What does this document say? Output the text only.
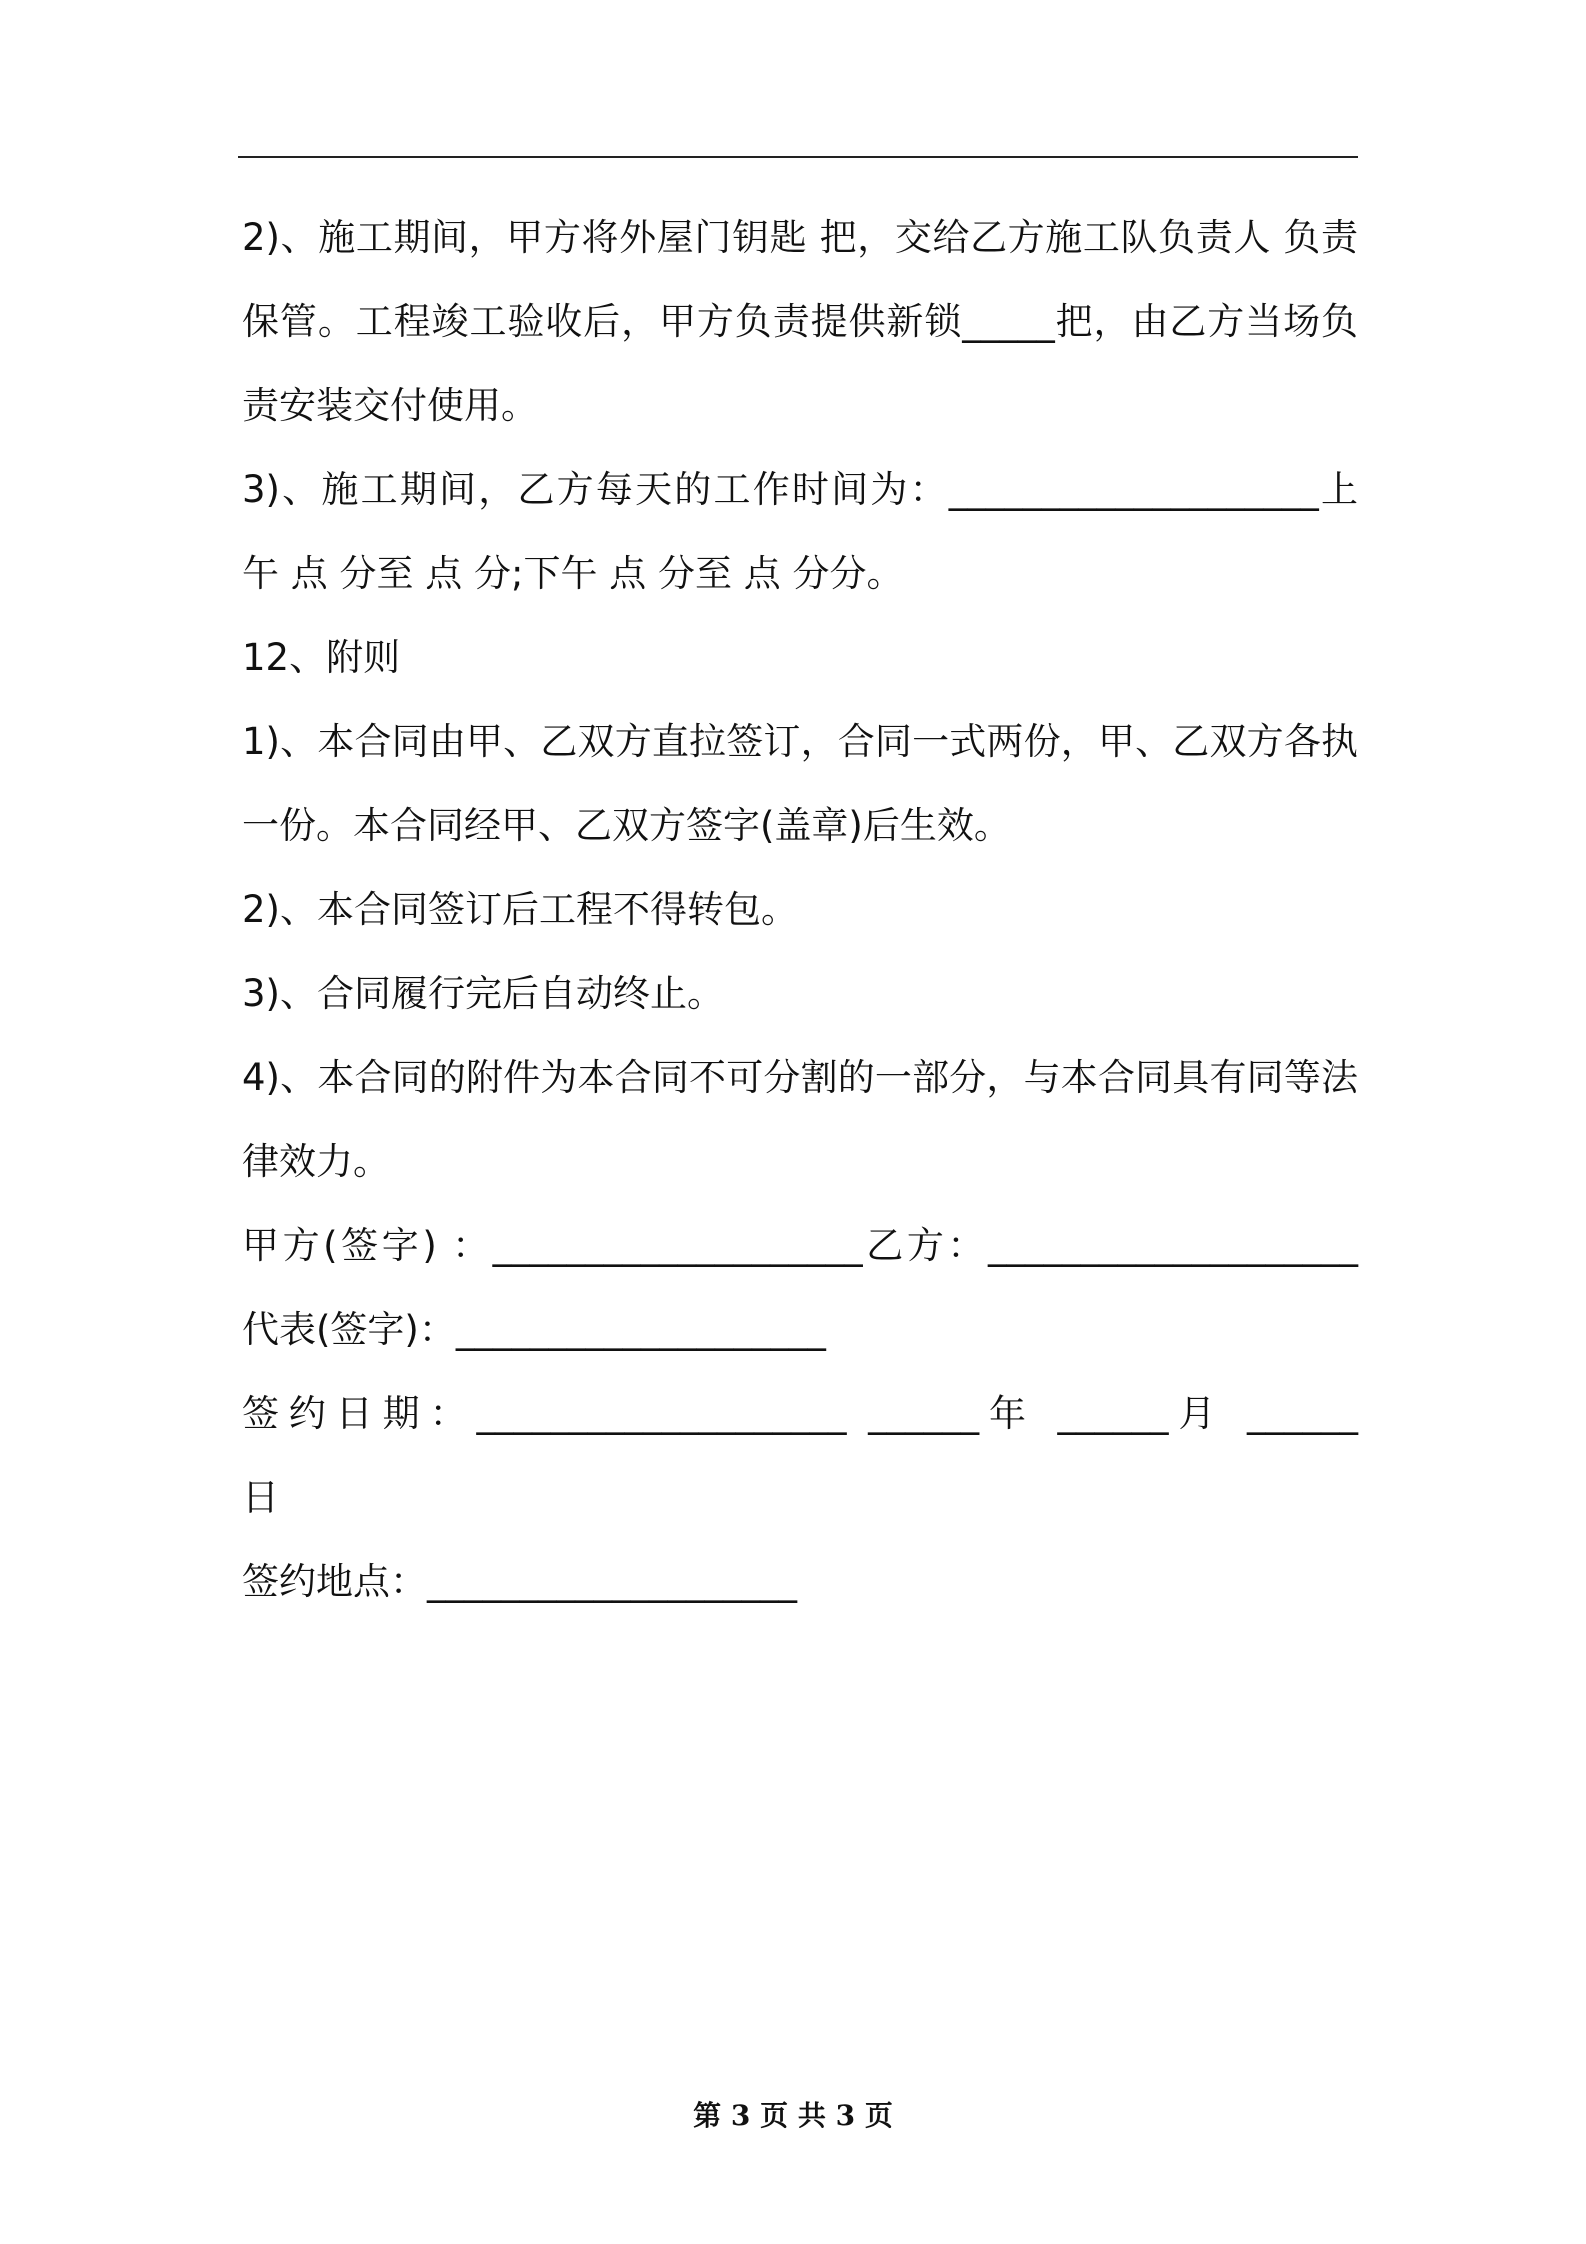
2)、施工期间，甲方将外屋门钥匙 把，交给乙方施工队负责人 负责
保管。工程竣工验收后，甲方负责提供新锁_____把，由乙方当场负
责安装交付使用。
3)、施工期间，乙方每天的工作时间为：____________________上
午 点 分至 点 分;下午 点 分至 点 分分。
12、附则
1)、本合同由甲、乙双方直拉签订，合同一式两份，甲、乙双方各执
一份。本合同经甲、乙双方签字(盖章)后生效。
2)、本合同签订后工程不得转包。
3)、合同履行完后自动终止。
4)、本合同的附件为本合同不可分割的一部分，与本合同具有同等法
律效力。
甲方(签字) ：____________________乙方：____________________
代表(签字)：____________________
签约日期：____________________ ______年 ______月 ______
日
签约地点：____________________
第 3 页 共 3 页
